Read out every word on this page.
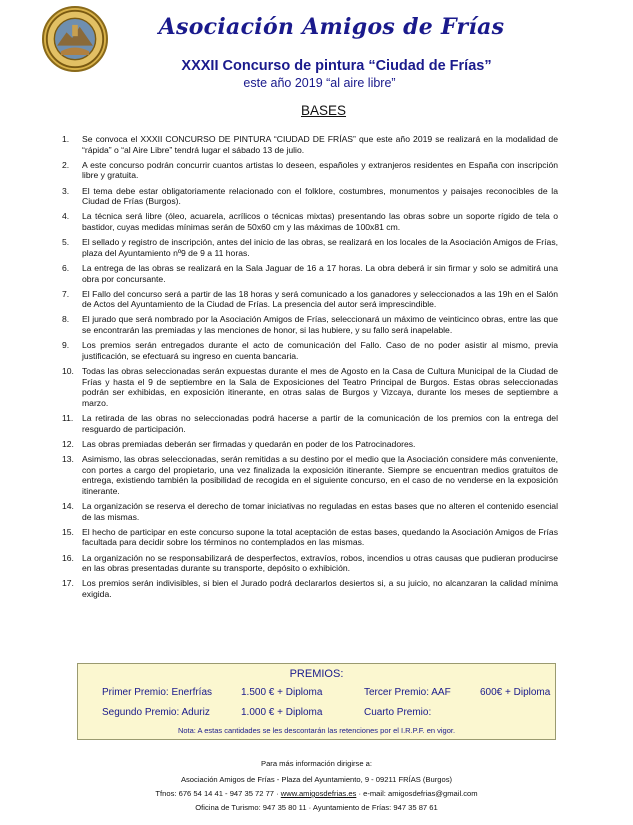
Asociación Amigos de Frías
XXXII Concurso de pintura “Ciudad de Frías”
este año 2019 “al aire libre”
BASES
1. Se convoca el XXXII CONCURSO DE PINTURA “CIUDAD DE FRÍAS” que este año 2019 se realizará en la modalidad de “rápida” o “al Aire Libre” tendrá lugar el sábado 13 de julio.
2. A este concurso podrán concurrir cuantos artistas lo deseen, españoles y extranjeros residentes en España con inscripción libre y gratuita.
3. El tema debe estar obligatoriamente relacionado con el folklore, costumbres, monumentos y paisajes reconocibles de la Ciudad de Frías (Burgos).
4. La técnica será libre (óleo, acuarela, acrílicos o técnicas mixtas) presentando las obras sobre un soporte rígido de tela o bastidor, cuyas medidas mínimas serán de 50x60 cm y las máximas de 100x81 cm.
5. El sellado y registro de inscripción, antes del inicio de las obras, se realizará en los locales de la Asociación Amigos de Frías, plaza del Ayuntamiento nº9 de 9 a 11 horas.
6. La entrega de las obras se realizará en la Sala Jaguar de 16 a 17 horas. La obra deberá ir sin firmar y solo se admitirá una obra por concursante.
7. El Fallo del concurso será a partir de las 18 horas y será comunicado a los ganadores y seleccionados a las 19h en el Salón de Actos del Ayuntamiento de la Ciudad de Frías. La presencia del autor será imprescindible.
8. El jurado que será nombrado por la Asociación Amigos de Frías, seleccionará un máximo de veinticinco obras, entre las que se encontrarán las premiadas y las menciones de honor, si las hubiere, y su fallo será inapelable.
9. Los premios serán entregados durante el acto de comunicación del Fallo. Caso de no poder asistir al mismo, previa justificación, se efectuará su ingreso en cuenta bancaria.
10. Todas las obras seleccionadas serán expuestas durante el mes de Agosto en la Casa de Cultura Municipal de la Ciudad de Frías y hasta el 9 de septiembre en la Sala de Exposiciones del Teatro Principal de Burgos. Estas obras seleccionadas podrán ser exhibidas, en exposición itinerante, en otras salas de Burgos y Vizcaya, durante los meses de septiembre a marzo.
11. La retirada de las obras no seleccionadas podrá hacerse a partir de la comunicación de los premios con la entrega del resguardo de participación.
12. Las obras premiadas deberán ser firmadas y quedarán en poder de los Patrocinadores.
13. Asimismo, las obras seleccionadas, serán remitidas a su destino por el medio que la Asociación considere más conveniente, con portes a cargo del propietario, una vez finalizada la exposición itinerante. Siempre se encuentran medios gratuitos de entrega, existiendo también la posibilidad de recogida en el siguiente concurso, en el caso de no venderse en la exposición itinerante.
14. La organización se reserva el derecho de tomar iniciativas no reguladas en estas bases que no alteren el contenido esencial de las mismas.
15. El hecho de participar en este concurso supone la total aceptación de estas bases, quedando la Asociación Amigos de Frías facultada para decidir sobre los términos no contemplados en las mismas.
16. La organización no se responsabilizará de desperfectos, extravíos, robos, incendios u otras causas que pudieran producirse en las obras presentadas durante su transporte, depósito o exhibición.
17. Los premios serán indivisibles, si bien el Jurado podrá declararlos desiertos si, a su juicio, no alcanzaran la calidad mínima exigida.
PREMIOS:
Primer Premio: Enerfrías	1.500 € + Diploma	Tercer Premio: AAF	600€ + Diploma
Segundo Premio: Aduriz	1.000 € + Diploma	Cuarto Premio:
Nota: A estas cantidades se les descontarán las retenciones por el I.R.P.F. en vigor.
Para más información dirigirse a:
Asociación Amigos de Frías - Plaza del Ayuntamiento, 9 - 09211 FRÍAS (Burgos)
Tfnos: 676 54 14 41 - 947 35 72 77 · www.amigosdefrias.es · e-mail: amigosdefrias@gmail.com
Oficina de Turismo: 947 35 80 11 · Ayuntamiento de Frías: 947 35 87 61
